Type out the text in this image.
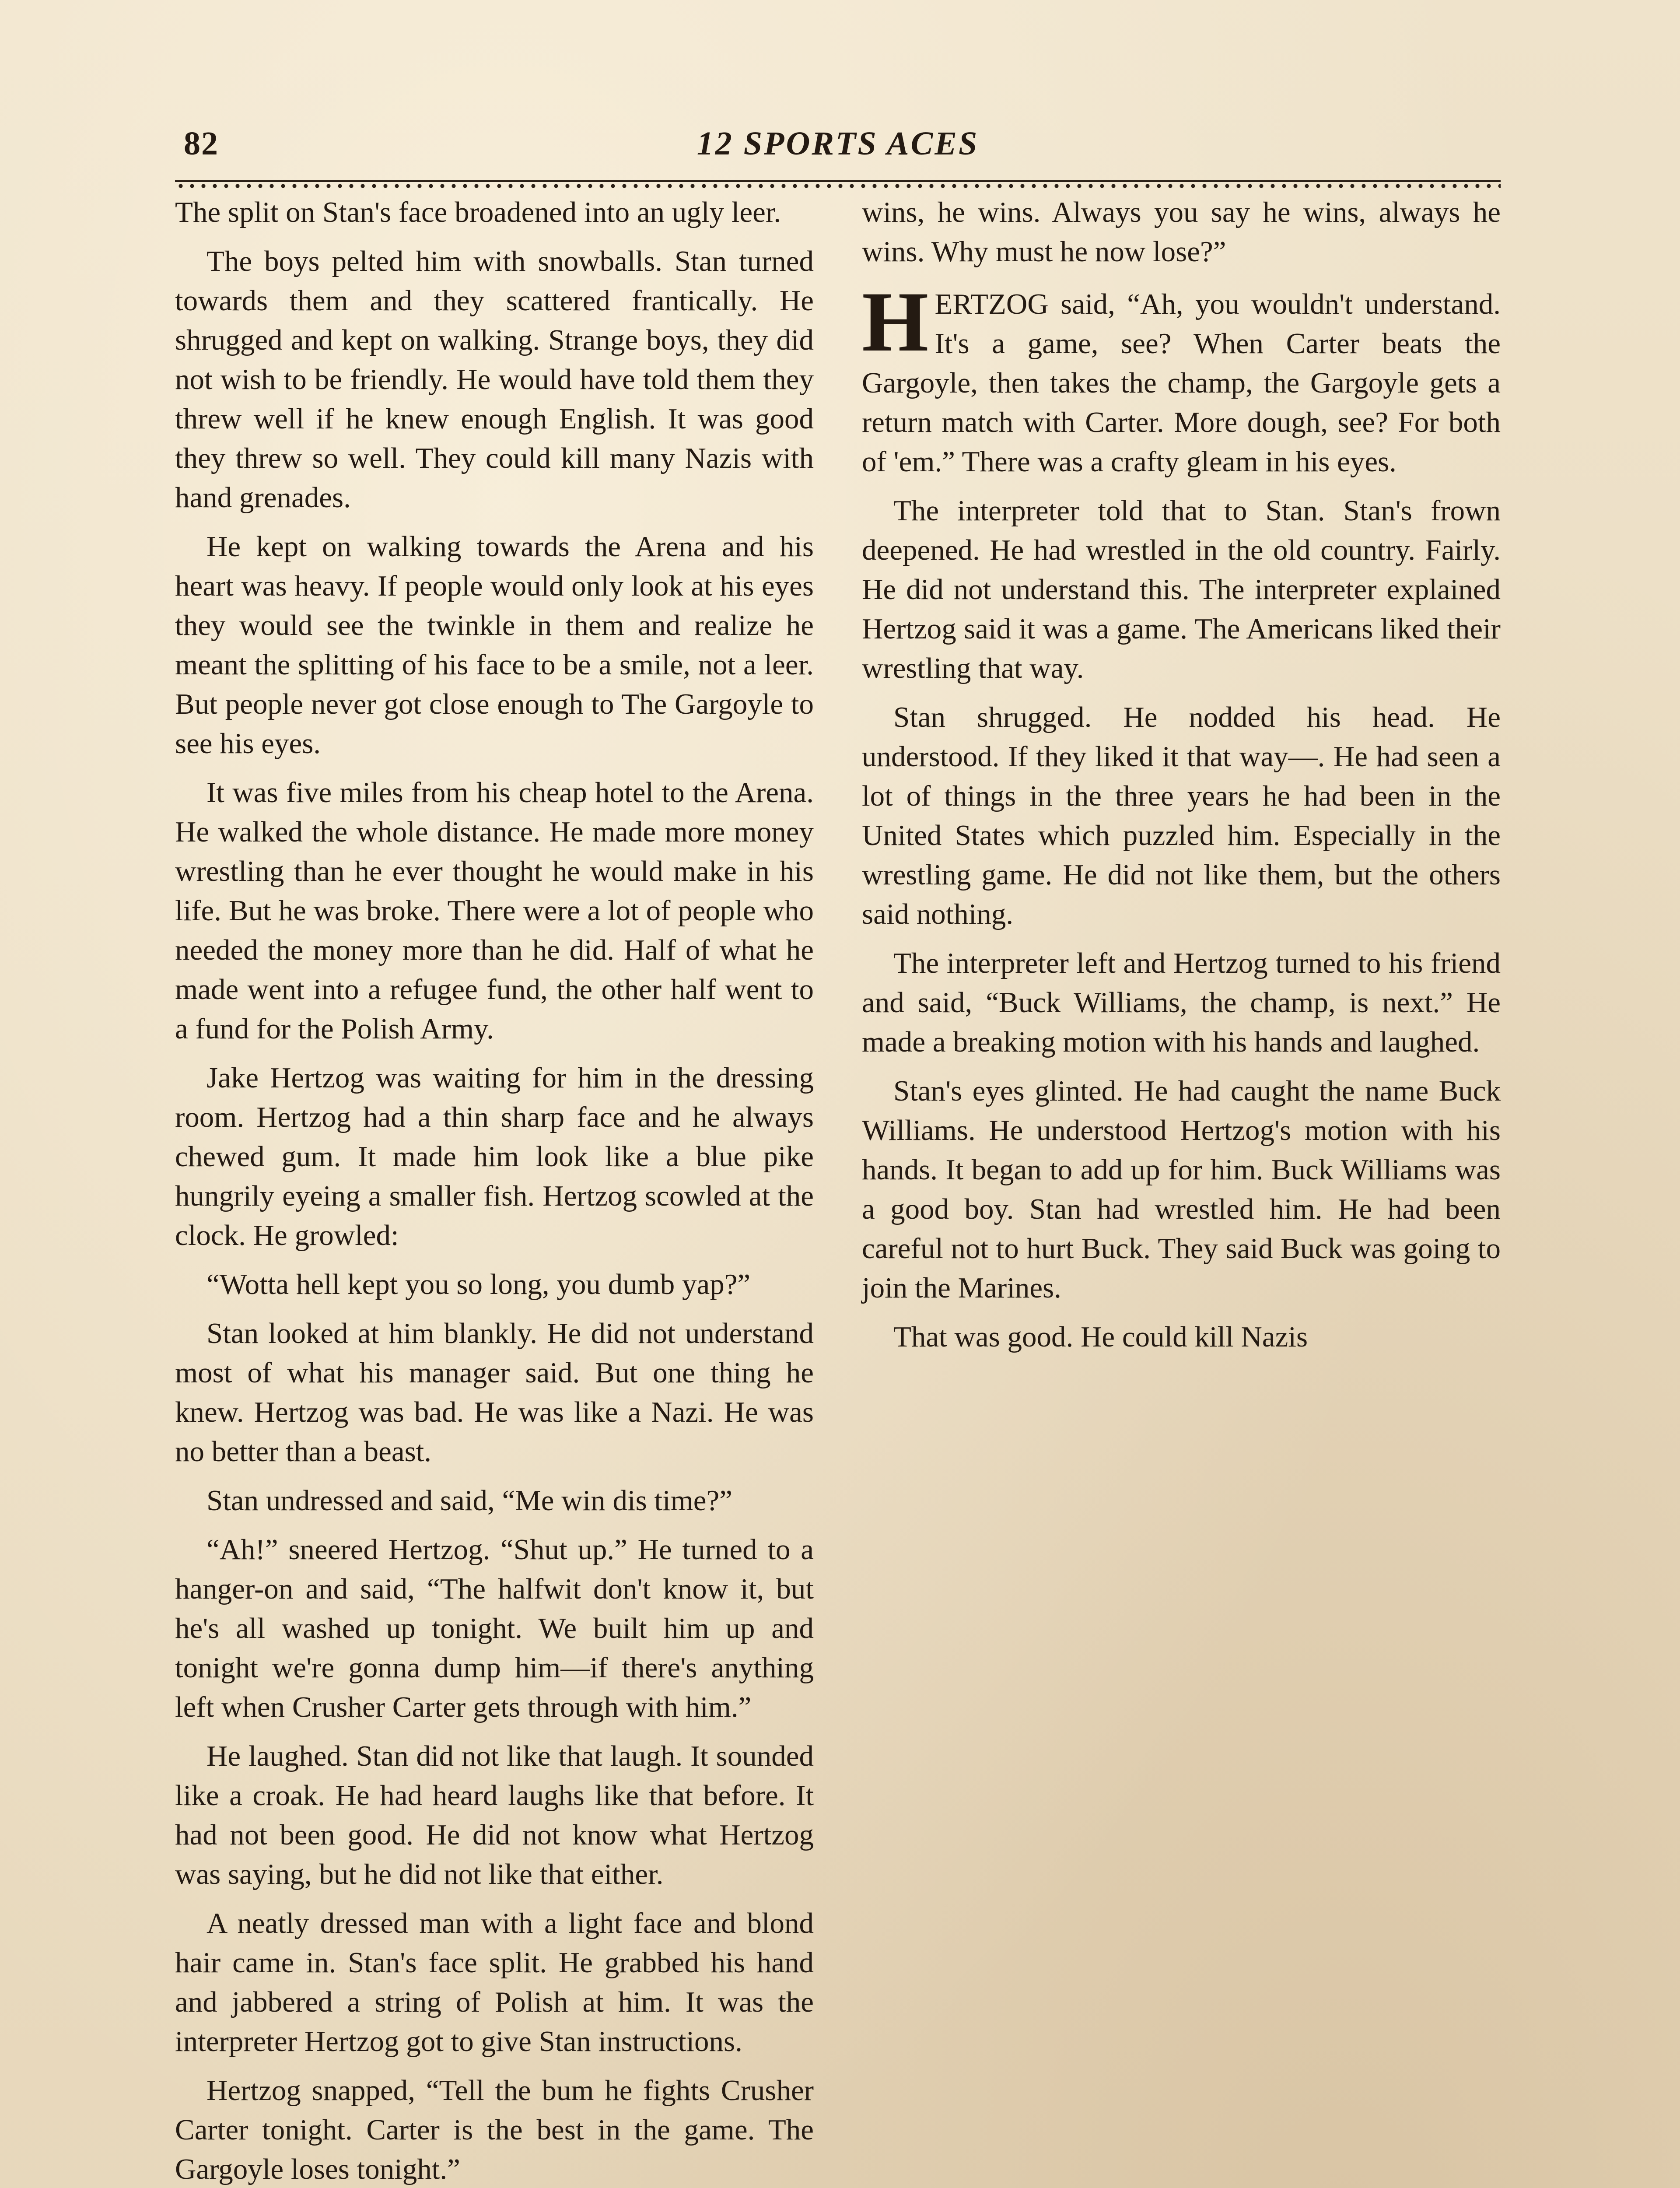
82	12 SPORTS ACES

The split on Stan's face broadened into an ugly leer.

The boys pelted him with snowballs. Stan turned towards them and they scattered frantically. He shrugged and kept on walking. Strange boys, they did not wish to be friendly. He would have told them they threw well if he knew enough English. It was good they threw so well. They could kill many Nazis with hand grenades.

He kept on walking towards the Arena and his heart was heavy. If people would only look at his eyes they would see the twinkle in them and realize he meant the splitting of his face to be a smile, not a leer. But people never got close enough to The Gargoyle to see his eyes.

It was five miles from his cheap hotel to the Arena. He walked the whole distance. He made more money wrestling than he ever thought he would make in his life. But he was broke. There were a lot of people who needed the money more than he did. Half of what he made went into a refugee fund, the other half went to a fund for the Polish Army.

Jake Hertzog was waiting for him in the dressing room. Hertzog had a thin sharp face and he always chewed gum. It made him look like a blue pike hungrily eyeing a smaller fish. Hertzog scowled at the clock. He growled:

“Wotta hell kept you so long, you dumb yap?”

Stan looked at him blankly. He did not understand most of what his manager said. But one thing he knew. Hertzog was bad. He was like a Nazi. He was no better than a beast.

Stan undressed and said, “Me win dis time?”

“Ah!” sneered Hertzog. “Shut up.” He turned to a hanger-on and said, “The halfwit don't know it, but he's all washed up tonight. We built him up and tonight we're gonna dump him—if there's anything left when Crusher Carter gets through with him.”

He laughed. Stan did not like that laugh. It sounded like a croak. He had heard laughs like that before. It had not been good. He did not know what Hertzog was saying, but he did not like that either.

A neatly dressed man with a light face and blond hair came in. Stan's face split. He grabbed his hand and jabbered a string of Polish at him. It was the interpreter Hertzog got to give Stan instructions.

Hertzog snapped, “Tell the bum he fights Crusher Carter tonight. Carter is the best in the game. The Gargoyle loses tonight.”

wins, he wins. Always you say he wins, always he wins. Why must he now lose?”

HERTZOG said, “Ah, you wouldn't understand. It's a game, see? When Carter beats the Gargoyle, then takes the champ, the Gargoyle gets a return match with Carter. More dough, see? For both of 'em.” There was a crafty gleam in his eyes.

The interpreter told that to Stan. Stan's frown deepened. He had wrestled in the old country. Fairly. He did not understand this. The interpreter explained Hertzog said it was a game. The Americans liked their wrestling that way.

Stan shrugged. He nodded his head. He understood. If they liked it that way—. He had seen a lot of things in the three years he had been in the United States which puzzled him. Especially in the wrestling game. He did not like them, but the others said nothing.

The interpreter left and Hertzog turned to his friend and said, “Buck Williams, the champ, is next.” He made a breaking motion with his hands and laughed.

Stan's eyes glinted. He had caught the name Buck Williams. He understood Hertzog's motion with his hands. It began to add up for him. Buck Williams was a good boy. Stan had wrestled him. He had been careful not to hurt Buck. They said Buck was going to join the Marines.

That was good. He could kill Nazis
